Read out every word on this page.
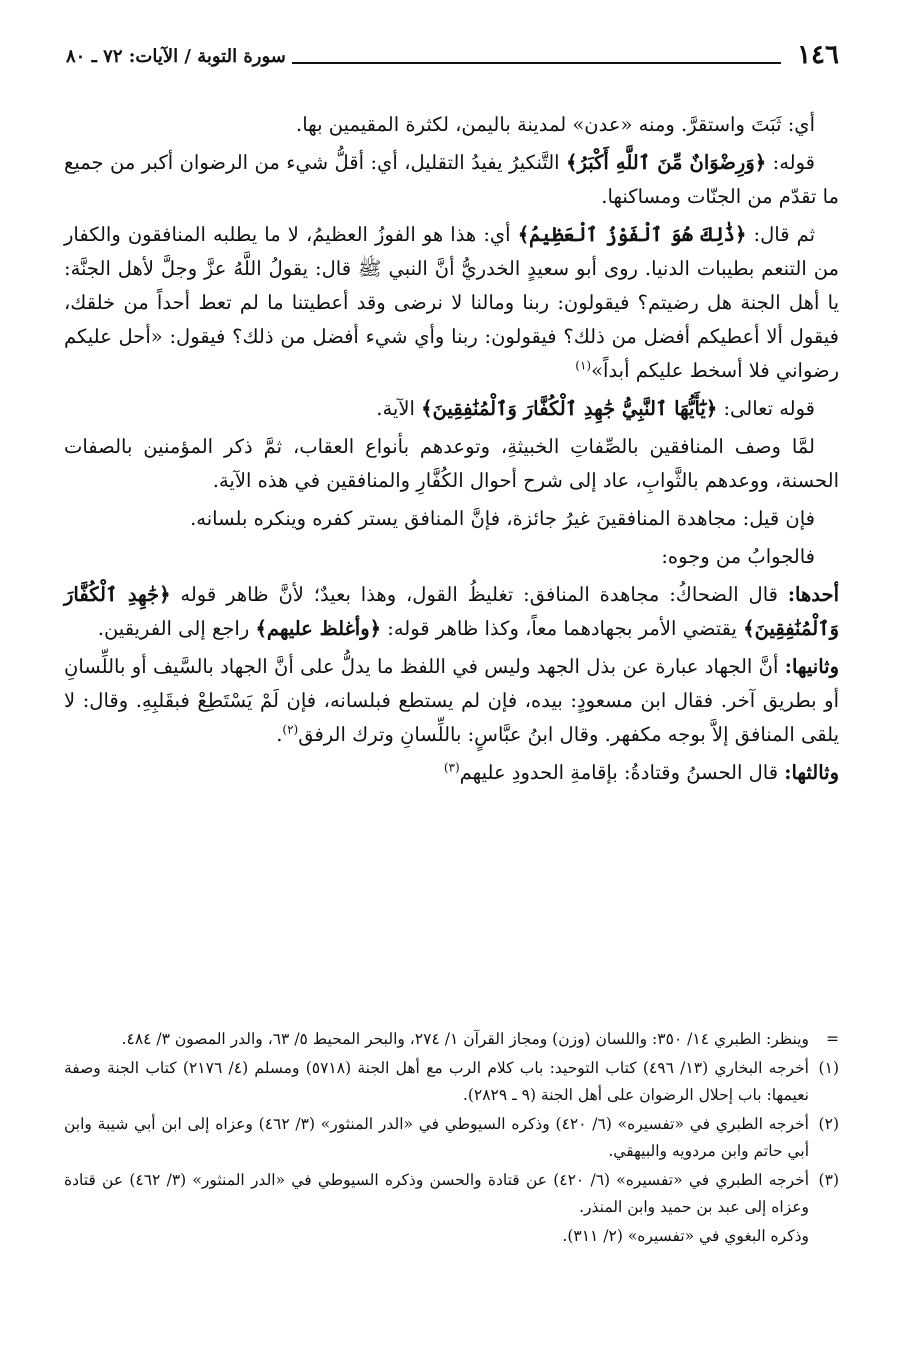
١٤٦
سورة التوبة / الآيات: ٧٢ ـ ٨٠

أي: ثَبَتَ واستقرَّ. ومنه «عدن» لمدينة باليمن، لكثرة المقيمين بها.

قوله: ﴿وَرِضْوَانٌ مِّنَ ٱللَّهِ أَكْبَرُ﴾ التَّنكيرُ يفيدُ التقليل، أي: أقلُّ شيء من الرضوان أكبر من جميع ما تقدّم من الجنّات ومساكنها.

ثم قال: ﴿ذَٰلِكَ هُوَ ٱلْفَوْزُ ٱلْعَظِيمُ﴾ أي: هذا هو الفوزُ العظيمُ، لا ما يطلبه المنافقون والكفار من التنعم بطيبات الدنيا. روى أبو سعيدٍ الخدريُّ أنَّ النبي ﷺ قال: يقولُ اللَّهُ عزَّ وجلَّ لأهل الجنَّة: يا أهل الجنة هل رضيتم؟ فيقولون: ربنا ومالنا لا نرضى وقد أعطيتنا ما لم تعط أحداً من خلقك، فيقول ألا أعطيكم أفضل من ذلك؟ فيقولون: ربنا وأي شيء أفضل من ذلك؟ فيقول: «أحل عليكم رضواني فلا أسخط عليكم أبداً»$^{(١)}$

قوله تعالى: ﴿يَٰٓأَيُّهَا ٱلنَّبِيُّ جَٰهِدِ ٱلْكُفَّارَ وَٱلْمُنَٰفِقِينَ﴾ الآية.

لمَّا وصف المنافقين بالصِّفاتِ الخبيثةِ، وتوعدهم بأنواع العقاب، ثمَّ ذكر المؤمنين بالصفات الحسنة، ووعدهم بالثَّوابِ، عاد إلى شرح أحوال الكُفَّارِ والمنافقين في هذه الآية.

فإن قيل: مجاهدة المنافقينَ غيرُ جائزة، فإنَّ المنافق يستر كفره وينكره بلسانه.

فالجوابُ من وجوه:

أحدها: قال الضحاكُ: مجاهدة المنافق: تغليظُ القول، وهذا بعيدٌ؛ لأنَّ ظاهر قوله ﴿جَٰهِدِ ٱلْكُفَّارَ وَٱلْمُنَٰفِقِينَ﴾ يقتضي الأمر بجهادهما معاً، وكذا ظاهر قوله: ﴿وأغلظ عليهم﴾ راجع إلى الفريقين.

وثانيها: أنَّ الجهاد عبارة عن بذل الجهد وليس في اللفظ ما يدلُّ على أنَّ الجهاد بالسَّيف أو باللِّسانِ أو بطريق آخر. فقال ابن مسعودٍ: بيده، فإن لم يستطع فبلسانه، فإن لَمْ يَسْتَطِعْ فبقَلبِهِ. وقال: لا يلقى المنافق إلاَّ بوجه مكفهر. وقال ابنُ عبَّاسٍ: باللِّسانِ وترك الرفق$^{(٢)}$.

وثالثها: قال الحسنُ وقتادةُ: بإقامةِ الحدودِ عليهم$^{(٣)}$

=
وينظر: الطبري ١٤/ ٣٥٠: واللسان (وزن) ومجاز القرآن ١/ ٢٧٤، والبحر المحيط ٥/ ٦٣، والدر المصون ٣/ ٤٨٤.

(١)
أخرجه البخاري (١٣/ ٤٩٦) كتاب التوحيد: باب كلام الرب مع أهل الجنة (٥٧١٨) ومسلم (٤/ ٢١٧٦) كتاب الجنة وصفة نعيمها: باب إحلال الرضوان على أهل الجنة (٩ ـ ٢٨٢٩).

(٢)
أخرجه الطبري في «تفسيره» (٦/ ٤٢٠) وذكره السيوطي في «الدر المنثور» (٣/ ٤٦٢) وعزاه إلى ابن أبي شيبة وابن أبي حاتم وابن مردويه والبيهقي.

(٣)
أخرجه الطبري في «تفسيره» (٦/ ٤٢٠) عن قتادة والحسن وذكره السيوطي في «الدر المنثور» (٣/ ٤٦٢) عن قتادة وعزاه إلى عبد بن حميد وابن المنذر.

وذكره البغوي في «تفسيره» (٢/ ٣١١).
